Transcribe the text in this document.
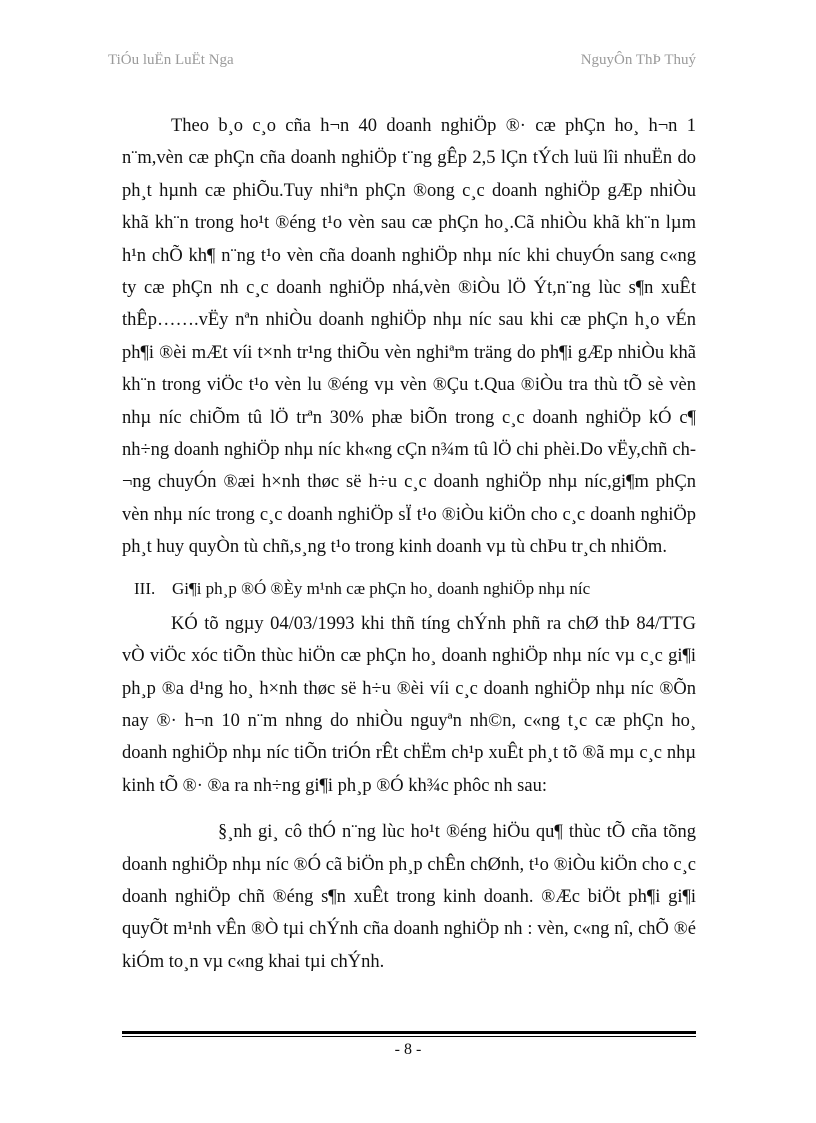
TiÓu luËn LuËt Nga	NguyÔn ThÞ Thuý

Theo b¸o c¸o cña h¬n 40 doanh nghiÖp ®· cæ phÇn ho¸ h¬n 1 n¨m,vèn cæ phÇn cña doanh nghiÖp t¨ng gÊp 2,5 lÇn tÝch luü lîi nhuËn do ph¸t hµnh cæ phiÕu.Tuy nhiªn phÇn ®ong c¸c doanh nghiÖp gÆp nhiÒu khã kh¨n trong ho¹t ®éng t¹o vèn sau cæ phÇn ho¸.Cã nhiÒu khã kh¨n lµm h¹n chÕ kh¶ n¨ng t¹o vèn cña doanh nghiÖp nhµ níc khi chuyÓn sang c«ng ty cæ phÇn nh c¸c doanh nghiÖp nhá,vèn ®iÒu lÖ Ýt,n¨ng lùc s¶n xuÊt thÊp…….vËy nªn nhiÒu doanh nghiÖp nhµ níc sau khi cæ phÇn h¸o vÉn ph¶i ®èi mÆt víi t×nh tr¹ng thiÕu vèn nghiªm träng do ph¶i gÆp nhiÒu khã kh¨n trong viÖc t¹o vèn lu ®éng vµ vèn ®Çu t.Qua ®iÒu tra thù tÕ sè vèn nhµ níc chiÕm tû lÖ trªn 30% phæ biÕn trong c¸c doanh nghiÖp kÓ c¶ nh÷ng doanh nghiÖp nhµ níc kh«ng cÇn n¾m tû lÖ chi phèi.Do vËy,chñ ch¬ng chuyÓn ®æi h×nh thøc së h÷u c¸c doanh nghiÖp nhµ níc,gi¶m phÇn vèn nhµ níc trong c¸c doanh nghiÖp sÏ t¹o ®iÒu kiÖn cho c¸c doanh nghiÖp ph¸t huy quyÒn tù chñ,s¸ng t¹o trong kinh doanh vµ tù chÞu tr¸ch nhiÖm.

III. Gi¶i ph¸p ®Ó ®Èy m¹nh cæ phÇn ho¸ doanh nghiÖp nhµ níc

KÓ tõ ngµy 04/03/1993 khi thñ tíng chÝnh phñ ra chØ thÞ 84/TTG vÒ viÖc xóc tiÕn thùc hiÖn cæ phÇn ho¸ doanh nghiÖp nhµ níc vµ c¸c gi¶i ph¸p ®a d¹ng ho¸ h×nh thøc së h÷u ®èi víi c¸c doanh nghiÖp nhµ níc ®Õn nay ®· h¬n 10 n¨m nhng do nhiÒu nguyªn nh©n, c«ng t¸c cæ phÇn ho¸ doanh nghiÖp nhµ níc tiÕn triÓn rÊt chËm ch¹p xuÊt ph¸t tõ ®ã mµ c¸c nhµ kinh tÕ ®· ®a ra nh÷ng gi¶i ph¸p ®Ó kh¾c phôc nh sau:

§¸nh gi¸ cô thÓ n¨ng lùc ho¹t ®éng hiÖu qu¶ thùc tÕ cña tõng doanh nghiÖp nhµ níc ®Ó cã biÖn ph¸p chÊn chØnh, t¹o ®iÒu kiÖn cho c¸c doanh nghiÖp chñ ®éng s¶n xuÊt trong kinh doanh. ®Æc biÖt ph¶i gi¶i quyÕt m¹nh vÊn ®Ò tµi chÝnh cña doanh nghiÖp nh : vèn, c«ng nî, chÕ ®é kiÓm to¸n vµ c«ng khai tµi chÝnh.

- 8 -
